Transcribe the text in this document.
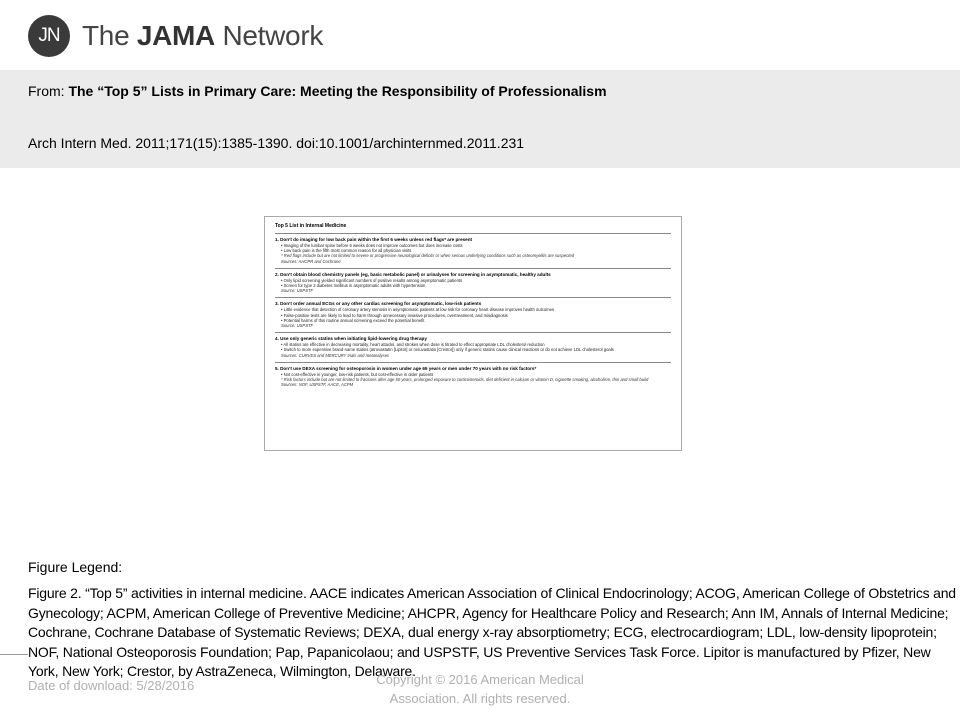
JN The JAMA Network
From: The “Top 5” Lists in Primary Care: Meeting the Responsibility of Professionalism
Arch Intern Med. 2011;171(15):1385-1390. doi:10.1001/archinternmed.2011.231
Top 5 List in Internal Medicine
1. Don’t do imaging for low back pain within the first 6 weeks unless red flags* are present
• Imaging of the lumbar spine before 6 weeks does not improve outcomes but does increase costs
• Low back pain is the fifth most common reason for all physician visits
* Red flags include but are not limited to severe or progressive neurological deficits or when serious underlying conditions such as osteomyelitis are suspected
Sources: AHCPR and Cochrane
2. Don’t obtain blood chemistry panels (eg, basic metabolic panel) or urinalyses for screening in asymptomatic, healthy adults
• Only lipid screening yielded significant numbers of positive results among asymptomatic patients
• Screen for type 2 diabetes mellitus in asymptomatic adults with hypertension
Source: USPSTF
3. Don’t order annual ECGs or any other cardiac screening for asymptomatic, low-risk patients
• Little evidence that detection of coronary artery stenosis in asymptomatic patients at low risk for coronary heart disease improves health outcomes
• False-positive tests are likely to lead to harm through unnecessary invasive procedures, overtreatment, and misdiagnosis
• Potential harms of this routine annual screening exceed the potential benefit
Source: USPSTF
4. Use only generic statins when initiating lipid-lowering drug therapy
• All statins are effective in decreasing mortality, heart attacks, and strokes when dose is titrated to effect appropriate LDL cholesterol reduction
• Switch to more expensive brand-name statins (atrovastatin [Lipitor] or rosuvastatin [Crestor]) only if generic statins cause clinical reactions or do not achieve LDL cholesterol goals
Sources: CURVES and MERCURY trials and metanalyses
5. Don’t use DEXA screening for osteoporosis in women under age 65 years or men under 70 years with no risk factors*
• Not cost-effective in younger, low-risk patients, but cost-effective in older patients
* Risk factors include but are not limited to fractures after age 50 years, prolonged exposure to corticosteroids, diet deficient in calcium or vitamin D, cigarette smoking, alcoholism, thin and small build
Sources: NOF, USPSTF, AACE, ACPM
Figure Legend:
Figure 2. “Top 5” activities in internal medicine. AACE indicates American Association of Clinical Endocrinology; ACOG, American College of Obstetrics and Gynecology; ACPM, American College of Preventive Medicine; AHCPR, Agency for Healthcare Policy and Research; Ann IM, Annals of Internal Medicine; Cochrane, Cochrane Database of Systematic Reviews; DEXA, dual energy x-ray absorptiometry; ECG, electrocardiogram; LDL, low-density lipoprotein; NOF, National Osteoporosis Foundation; Pap, Papanicolaou; and USPSTF, US Preventive Services Task Force. Lipitor is manufactured by Pfizer, New York, New York; Crestor, by AstraZeneca, Wilmington, Delaware.
Date of download: 5/28/2016	Copyright © 2016 American Medical
Association. All rights reserved.
